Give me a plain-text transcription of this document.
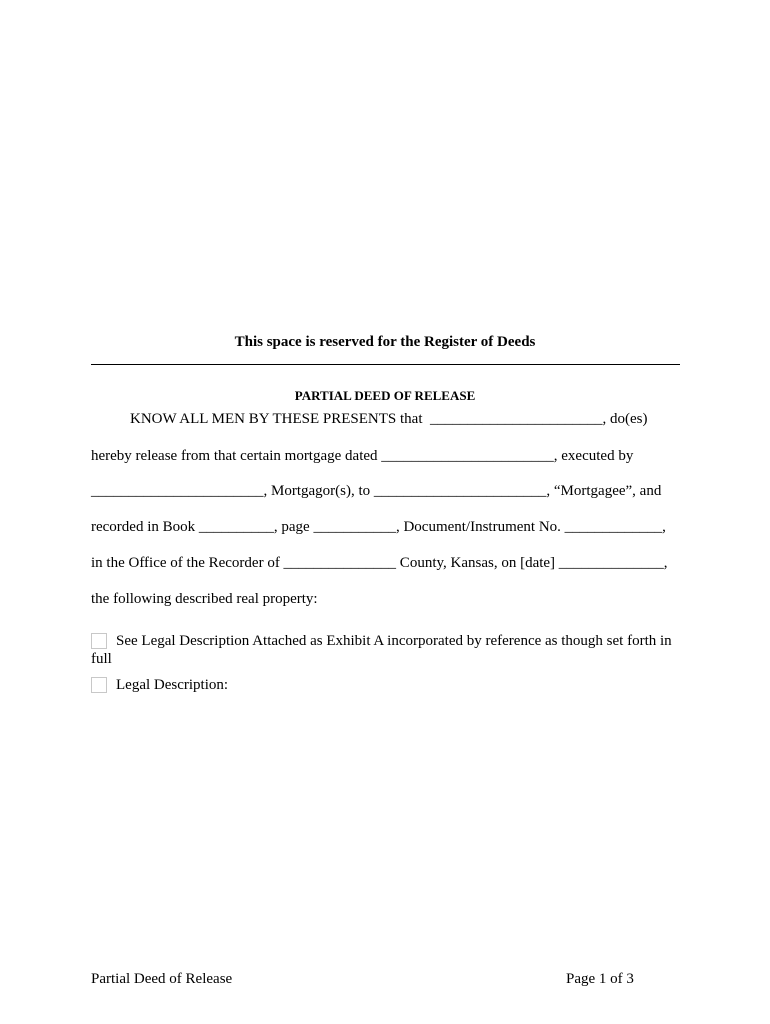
This space is reserved for the Register of Deeds
PARTIAL DEED OF RELEASE
KNOW ALL MEN BY THESE PRESENTS that  _______________________, do(es)
hereby release from that certain mortgage dated _______________________, executed by
_______________________, Mortgagor(s), to _______________________, “Mortgagee”, and
recorded in Book __________, page ___________, Document/Instrument No. _____________,
in the Office of the Recorder of _______________ County, Kansas, on [date] ______________,
the following described real property:
See Legal Description Attached as Exhibit A incorporated by reference as though set forth in
full
Legal Description:
Partial Deed of Release	Page 1 of 3
